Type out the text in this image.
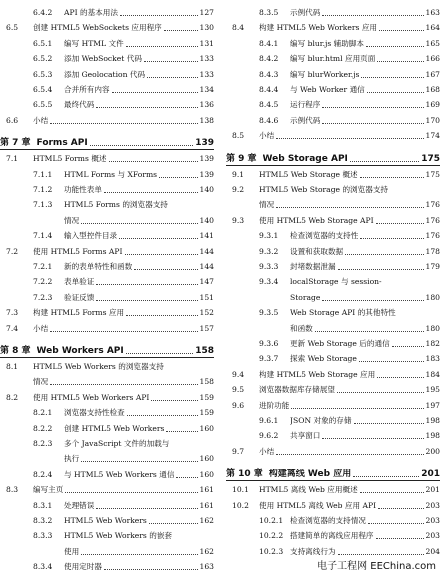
6.4.2	API 的基本用法	127
6.5	创建 HTML5 WebSockets 应用程序	130
6.5.1	编写 HTML 文件	131
6.5.2	添加 WebSocket 代码	133
6.5.3	添加 Geolocation 代码	133
6.5.4	合并所有内容	134
6.5.5	最终代码	136
6.6	小结	138
第 7 章 Forms API	139
7.1	HTML5 Forms 概述	139
7.1.1	HTML Forms 与 XForms	139
7.1.2	功能性表单	140
7.1.3	HTML5 Forms 的浏览器支持
情况	140
7.1.4	输入型控件目录	141
7.2	使用 HTML5 Forms API	144
7.2.1	新的表单特性和函数	144
7.2.2	表单验证	147
7.2.3	验证反馈	151
7.3	构建 HTML5 Forms 应用	152
7.4	小结	157
第 8 章 Web Workers API	158
8.1	HTML5 Web Workers 的浏览器支持
情况	158
8.2	使用 HTML5 Web Workers API	159
8.2.1	浏览器支持性检查	159
8.2.2	创建 HTML5 Web Workers	160
8.2.3	多个 JavaScript 文件的加载与
执行	160
8.2.4	与 HTML5 Web Workers 通信	160
8.3	编写主页	161
8.3.1	处理错误	161
8.3.2	HTML5 Web Workers	162
8.3.3	HTML5 Web Workers 的嵌套
使用	162
8.3.4	使用定时器	163
8.3.5	示例代码	163
8.4	构建 HTML5 Web Workers 应用	164
8.4.1	编写 blur.js 辅助脚本	165
8.4.2	编写 blur.html 应用页面	166
8.4.3	编写 blurWorker.js	167
8.4.4	与 Web Worker 通信	168
8.4.5	运行程序	169
8.4.6	示例代码	170
8.5	小结	174
第 9 章 Web Storage API	175
9.1	HTML5 Web Storage 概述	175
9.2	HTML5 Web Storage 的浏览器支持
情况	176
9.3	使用 HTML5 Web Storage API	176
9.3.1	检查浏览器的支持性	176
9.3.2	设置和获取数据	178
9.3.3	封堵数据泄漏	179
9.3.4	localStorage 与 session-
Storage	180
9.3.5	Web Storage API 的其他特性
和函数	180
9.3.6	更新 Web Storage 后的通信	182
9.3.7	探索 Web Storage	183
9.4	构建 HTML5 Web Storage 应用	184
9.5	浏览器数据库存储展望	195
9.6	进阶功能	197
9.6.1	JSON 对象的存储	198
9.6.2	共享窗口	198
9.7	小结	200
第 10 章 构建离线 Web 应用	201
10.1	HTML5 离线 Web 应用概述	201
10.2	使用 HTML5 离线 Web 应用 API	203
10.2.1 检查浏览器的支持情况	203
10.2.2 搭建简单的离线应用程序	203
10.2.3 支持离线行为	204
电子工程网 EEChina.com
